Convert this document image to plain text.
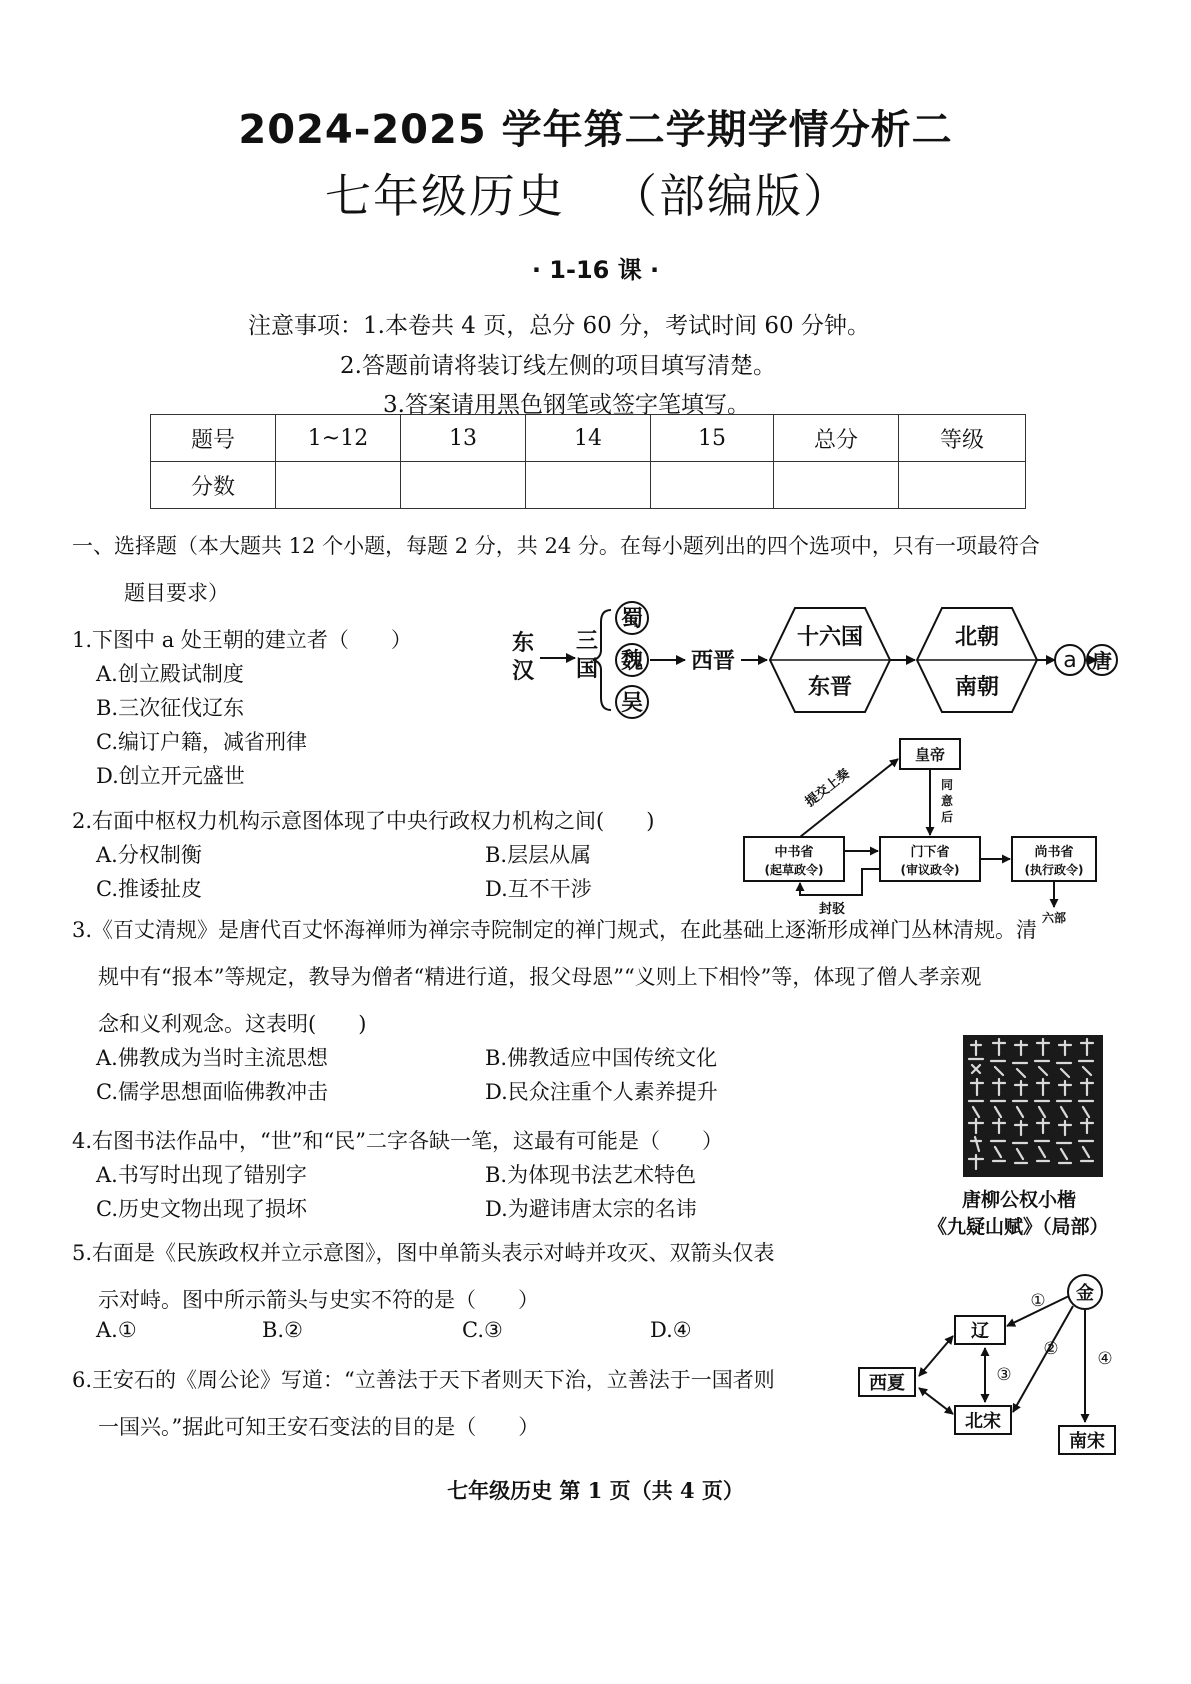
2024-2025 学年第二学期学情分析二
七年级历史 （部编版）
· 1-16 课 ·
注意事项：1.本卷共 4 页，总分 60 分，考试时间 60 分钟。
2.答题前请将装订线左侧的项目填写清楚。
3.答案请用黑色钢笔或签字笔填写。
题号	1~12	13	14	15	总分	等级
分数						
一、选择题（本大题共 12 个小题，每题 2 分，共 24 分。在每小题列出的四个选项中，只有一项最符合
题目要求）
1.下图中 a 处王朝的建立者（　　）
A.创立殿试制度
B.三次征伐辽东
C.编订户籍，减省刑律
D.创立开元盛世
东
汉
三
国
蜀
魏
吴
西晋
十六国
东晋
北朝
南朝
a 唐
2.右面中枢权力机构示意图体现了中央行政权力机构之间(　　)
A.分权制衡	B.层层从属
C.推诿扯皮	D.互不干涉
皇帝
中书省
(起草政令)
门下省
(审议政令)
尚书省
(执行政令)
提交上奏	同
意
后
封驳
六部
3.《百丈清规》是唐代百丈怀海禅师为禅宗寺院制定的禅门规式，在此基础上逐渐形成禅门丛林清规。清
规中有“报本”等规定，教导为僧者“精进行道，报父母恩”“义则上下相怜”等，体现了僧人孝亲观
念和义利观念。这表明(　　)
A.佛教成为当时主流思想	B.佛教适应中国传统文化
C.儒学思想面临佛教冲击	D.民众注重个人素养提升
唐柳公权小楷
《九疑山赋》（局部）
4.右图书法作品中，“世”和“民”二字各缺一笔，这最有可能是（　　）
A.书写时出现了错别字	B.为体现书法艺术特色
C.历史文物出现了损坏	D.为避讳唐太宗的名讳
5.右面是《民族政权并立示意图》，图中单箭头表示对峙并攻灭、双箭头仅表
示对峙。图中所示箭头与史实不符的是（　　）
A.①	B.②	C.③	D.④
金
辽
西夏
北宋
南宋
①
②
③
④
6.王安石的《周公论》写道：“立善法于天下者则天下治，立善法于一国者则
一国兴。”据此可知王安石变法的目的是（　　）
七年级历史 第 1 页（共 4 页）
